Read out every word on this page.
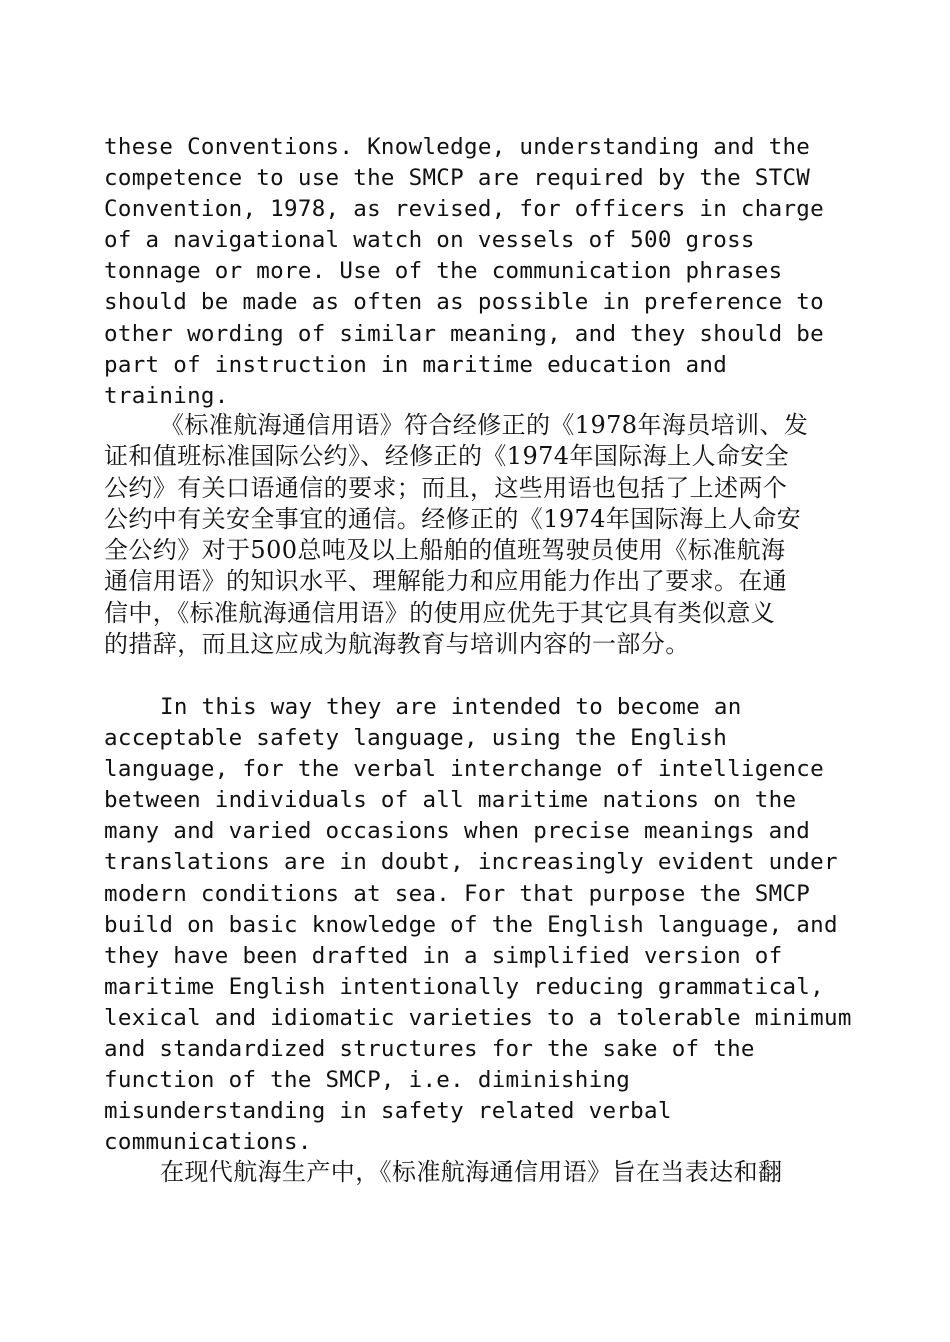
these Conventions. Knowledge, understanding and the
competence to use the SMCP are required by the STCW
Convention, 1978, as revised, for officers in charge
of a navigational watch on vessels of 500 gross
tonnage or more. Use of the communication phrases
should be made as often as possible in preference to
other wording of similar meaning, and they should be
part of instruction in maritime education and
training.

《标准航海通信用语》符合经修正的《1978年海员培训、发
证和值班标准国际公约》、经修正的《1974年国际海上人命安全
公约》有关口语通信的要求；而且，这些用语也包括了上述两个
公约中有关安全事宜的通信。经修正的《1974年国际海上人命安
全公约》对于500总吨及以上船舶的值班驾驶员使用《标准航海
通信用语》的知识水平、理解能力和应用能力作出了要求。在通
信中，《标准航海通信用语》的使用应优先于其它具有类似意义
的措辞，而且这应成为航海教育与培训内容的一部分。

In this way they are intended to become an
acceptable safety language, using the English
language, for the verbal interchange of intelligence
between individuals of all maritime nations on the
many and varied occasions when precise meanings and
translations are in doubt, increasingly evident under
modern conditions at sea. For that purpose the SMCP
build on basic knowledge of the English language, and
they have been drafted in a simplified version of
maritime English intentionally reducing grammatical,
lexical and idiomatic varieties to a tolerable minimum
and standardized structures for the sake of the
function of the SMCP, i.e. diminishing
misunderstanding in safety related verbal
communications.

在现代航海生产中，《标准航海通信用语》旨在当表达和翻
